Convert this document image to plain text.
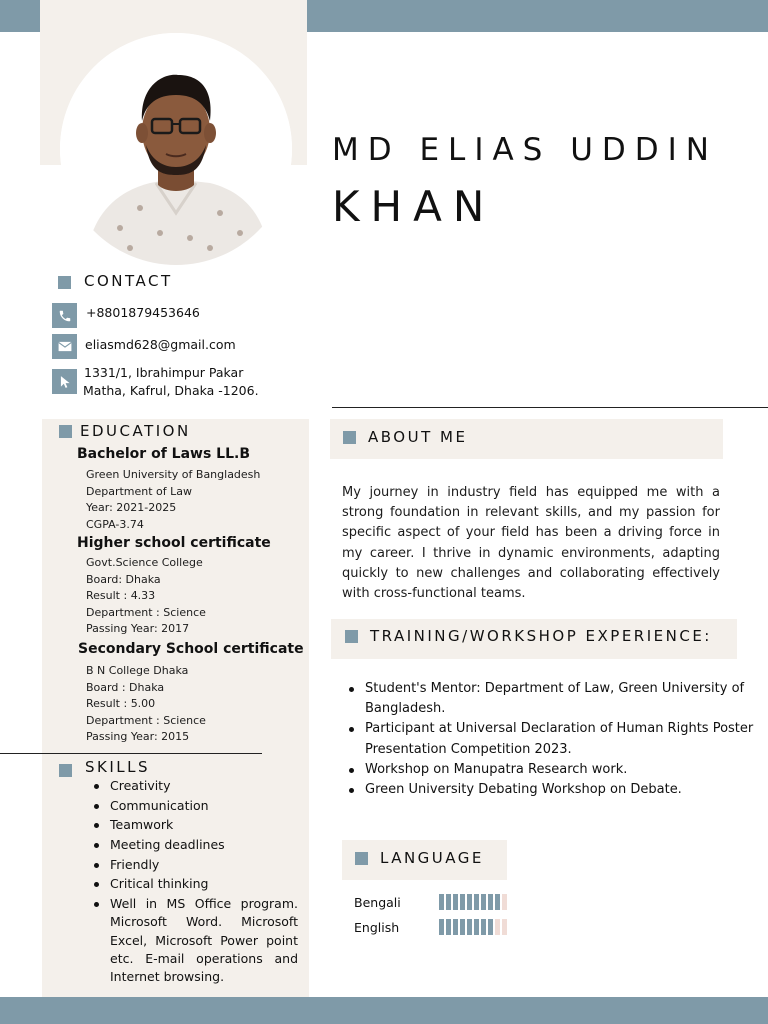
MD ELIAS UDDIN
KHAN
CONTACT
+8801879453646
eliasmd628@gmail.com
1331/1, Ibrahimpur Pakar
Matha, Kafrul, Dhaka -1206.
EDUCATION
Bachelor of Laws LL.B
Green University of Bangladesh
Department of Law
Year: 2021-2025
CGPA-3.74
Higher school certificate
Govt.Science College
Board: Dhaka
Result : 4.33
Department : Science
Passing Year: 2017
Secondary School certificate
B N College Dhaka
Board : Dhaka
Result : 5.00
Department : Science
Passing Year: 2015
SKILLS
Creativity
Communication
Teamwork
Meeting deadlines
Friendly
Critical thinking
Well in MS Office program. Microsoft Word. Microsoft Excel, Microsoft Power point etc. E-mail operations and Internet browsing.
ABOUT ME
My journey in industry field has equipped me with a strong foundation in relevant skills, and my passion for specific aspect of your field has been a driving force in my career. I thrive in dynamic environments, adapting quickly to new challenges and collaborating effectively with cross-functional teams.
TRAINING/WORKSHOP EXPERIENCE:
Student's Mentor: Department of Law, Green University of Bangladesh.
Participant at Universal Declaration of Human Rights Poster Presentation Competition 2023.
Workshop on Manupatra Research work.
Green University Debating Workshop on Debate.
LANGUAGE
Bengali
English
